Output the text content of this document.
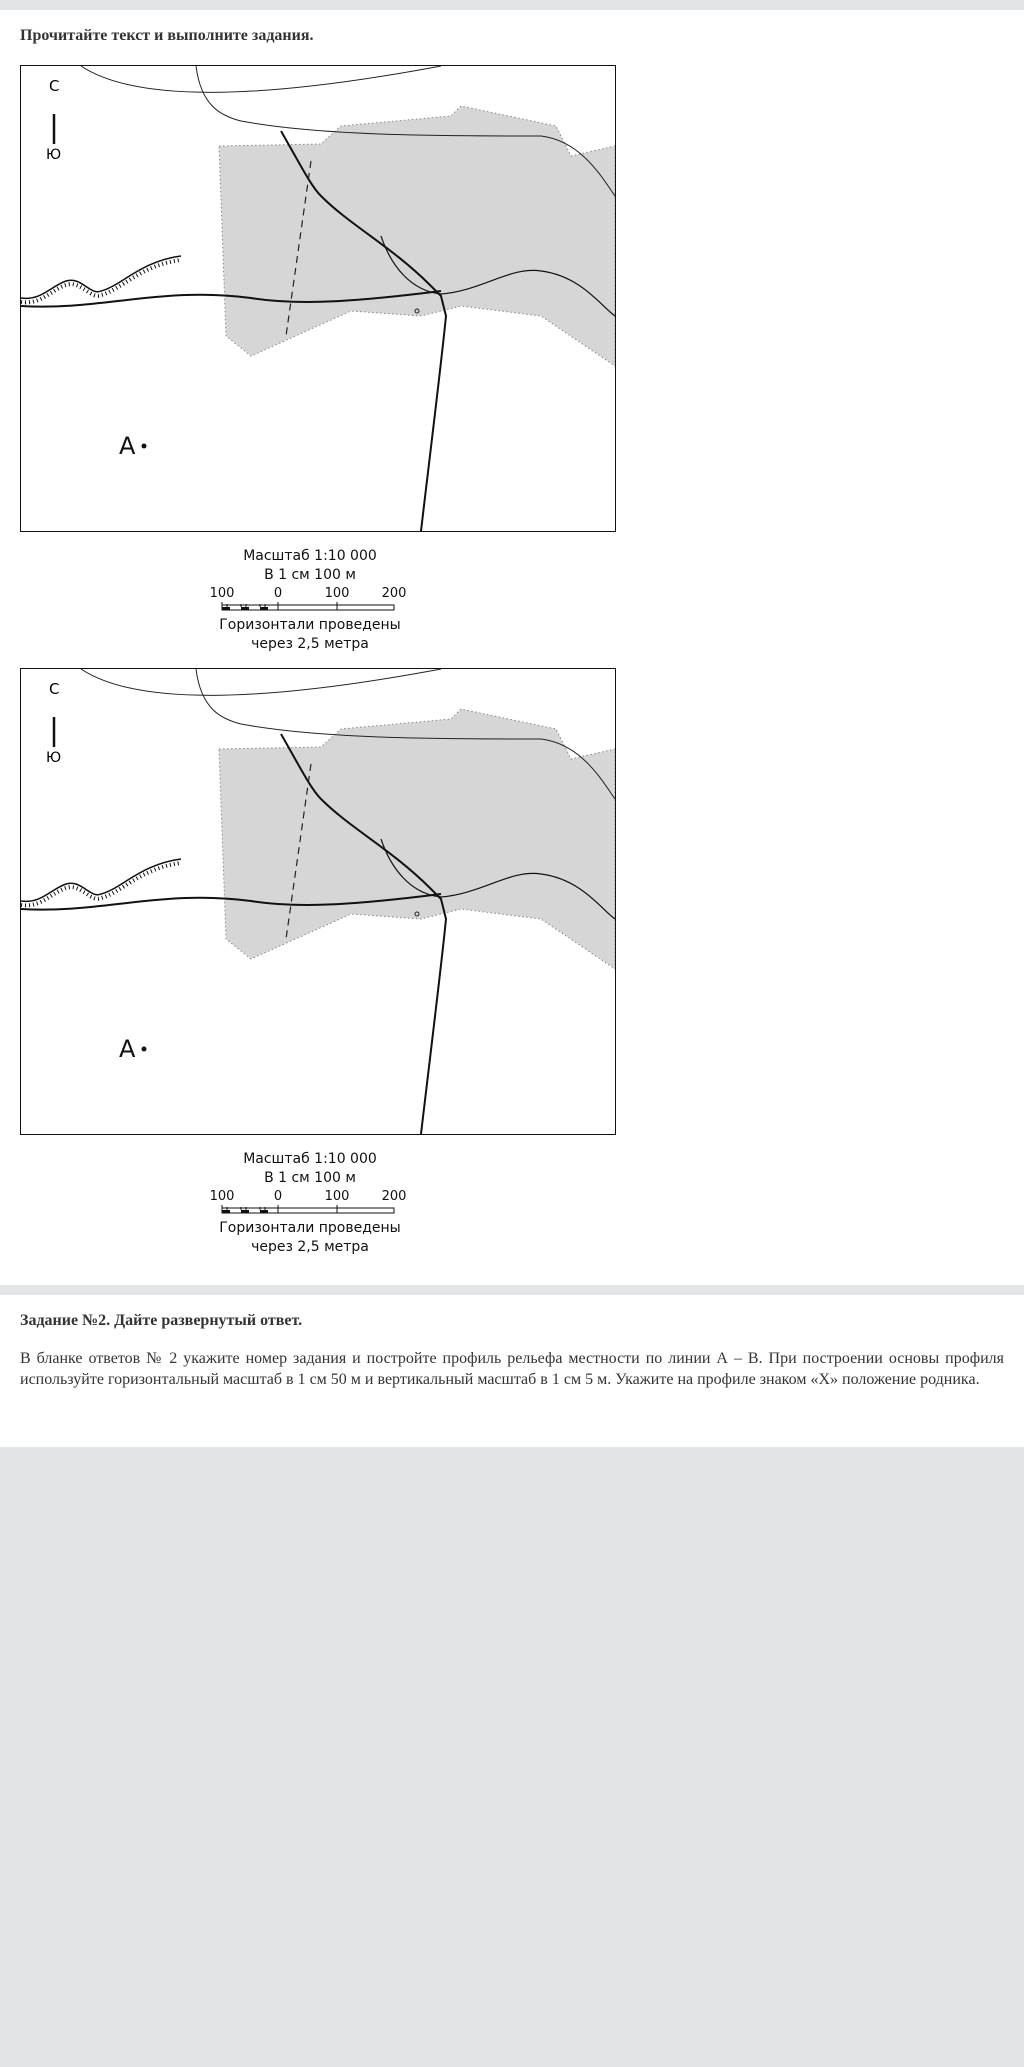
Прочитайте текст и выполните задания.
С
Ю
A
Масштаб 1:10 000
В 1 см 100 м
100	0	100 200
Горизонтали проведены
через 2,5 метра
С
Ю
A
Масштаб 1:10 000
В 1 см 100 м
100	0	100 200
Горизонтали проведены
через 2,5 метра
Задание №2. Дайте развернутый ответ.
В бланке ответов № 2 укажите номер задания и постройте профиль рельефа местности по линии А – В. При построении основы профиля используйте горизонтальный масштаб в 1 см 50 м и вертикальный масштаб в 1 см 5 м. Укажите на профиле знаком «Х» положение родника.
